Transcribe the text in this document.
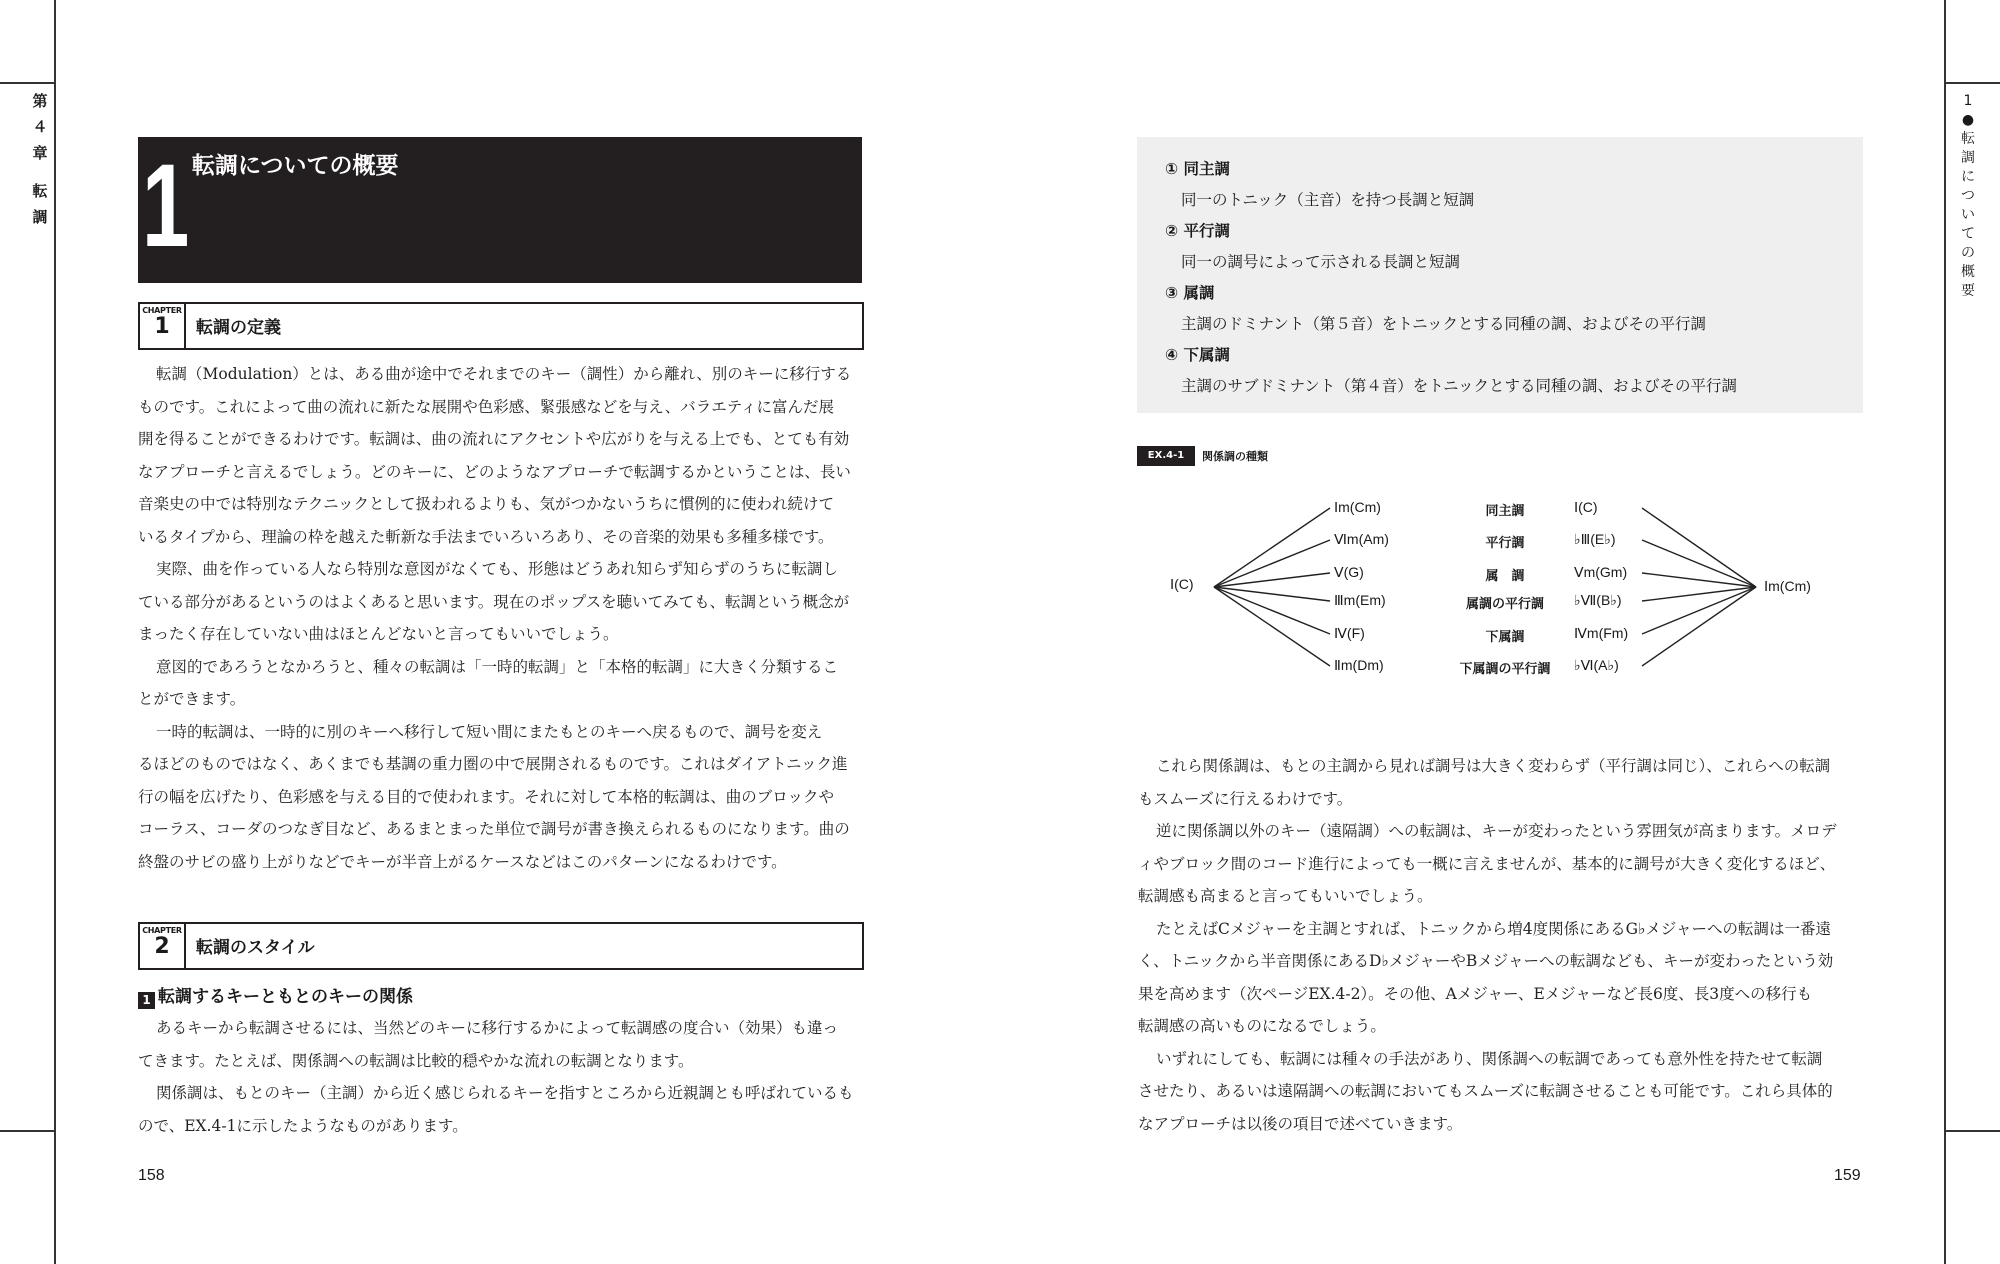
第
４
章
転
調
1
●
転
調
に
つ
い
て
の
概
要
1 転調についての概要
CHAPTER
1	転調の定義

転調（Modulation）とは、ある曲が途中でそれまでのキー（調性）から離れ、別のキーに移行する

ものです。これによって曲の流れに新たな展開や色彩感、緊張感などを与え、バラエティに富んだ展

開を得ることができるわけです。転調は、曲の流れにアクセントや広がりを与える上でも、とても有効

なアプローチと言えるでしょう。どのキーに、どのようなアプローチで転調するかということは、長い

音楽史の中では特別なテクニックとして扱われるよりも、気がつかないうちに慣例的に使われ続けて

いるタイプから、理論の枠を越えた斬新な手法までいろいろあり、その音楽的効果も多種多様です。

実際、曲を作っている人なら特別な意図がなくても、形態はどうあれ知らず知らずのうちに転調し

ている部分があるというのはよくあると思います。現在のポップスを聴いてみても、転調という概念が

まったく存在していない曲はほとんどないと言ってもいいでしょう。

意図的であろうとなかろうと、種々の転調は「一時的転調」と「本格的転調」に大きく分類するこ

とができます。

一時的転調は、一時的に別のキーへ移行して短い間にまたもとのキーへ戻るもので、調号を変え

るほどのものではなく、あくまでも基調の重力圏の中で展開されるものです。これはダイアトニック進

行の幅を広げたり、色彩感を与える目的で使われます。それに対して本格的転調は、曲のブロックや

コーラス、コーダのつなぎ目など、あるまとまった単位で調号が書き換えられるものになります。曲の

終盤のサビの盛り上がりなどでキーが半音上がるケースなどはこのパターンになるわけです。

CHAPTER
2	転調のスタイル
1 転調するキーともとのキーの関係

あるキーから転調させるには、当然どのキーに移行するかによって転調感の度合い（効果）も違っ

てきます。たとえば、関係調への転調は比較的穏やかな流れの転調となります。

関係調は、もとのキー（主調）から近く感じられるキーを指すところから近親調とも呼ばれているも

ので、EX.4-1に示したようなものがあります。

158
① 同主調
同一のトニック（主音）を持つ長調と短調
② 平行調
同一の調号によって示される長調と短調
③ 属調
主調のドミナント（第５音）をトニックとする同種の調、およびその平行調
④ 下属調
主調のサブドミナント（第４音）をトニックとする同種の調、およびその平行調
EX.4-1	関係調の種類
Ⅰ(C)	Ⅰm(Cm)
Ⅰm(Cm)	同主調	Ⅰ(C)
Ⅵm(Am)	平行調	♭Ⅲ(E♭)
Ⅴ(G)	属　調	Ⅴm(Gm)
Ⅲm(Em)	属調の平行調	♭Ⅶ(B♭)
Ⅳ(F)	下属調	Ⅳm(Fm)
Ⅱm(Dm)	下属調の平行調	♭Ⅵ(A♭)

これら関係調は、もとの主調から見れば調号は大きく変わらず（平行調は同じ）、これらへの転調

もスムーズに行えるわけです。

逆に関係調以外のキー（遠隔調）への転調は、キーが変わったという雰囲気が高まります。メロデ

ィやブロック間のコード進行によっても一概に言えませんが、基本的に調号が大きく変化するほど、

転調感も高まると言ってもいいでしょう。

たとえばCメジャーを主調とすれば、トニックから増4度関係にあるG♭メジャーへの転調は一番遠

く、トニックから半音関係にあるD♭メジャーやBメジャーへの転調なども、キーが変わったという効

果を高めます（次ページEX.4-2）。その他、Aメジャー、Eメジャーなど長6度、長3度への移行も

転調感の高いものになるでしょう。

いずれにしても、転調には種々の手法があり、関係調への転調であっても意外性を持たせて転調

させたり、あるいは遠隔調への転調においてもスムーズに転調させることも可能です。これら具体的

なアプローチは以後の項目で述べていきます。

159
